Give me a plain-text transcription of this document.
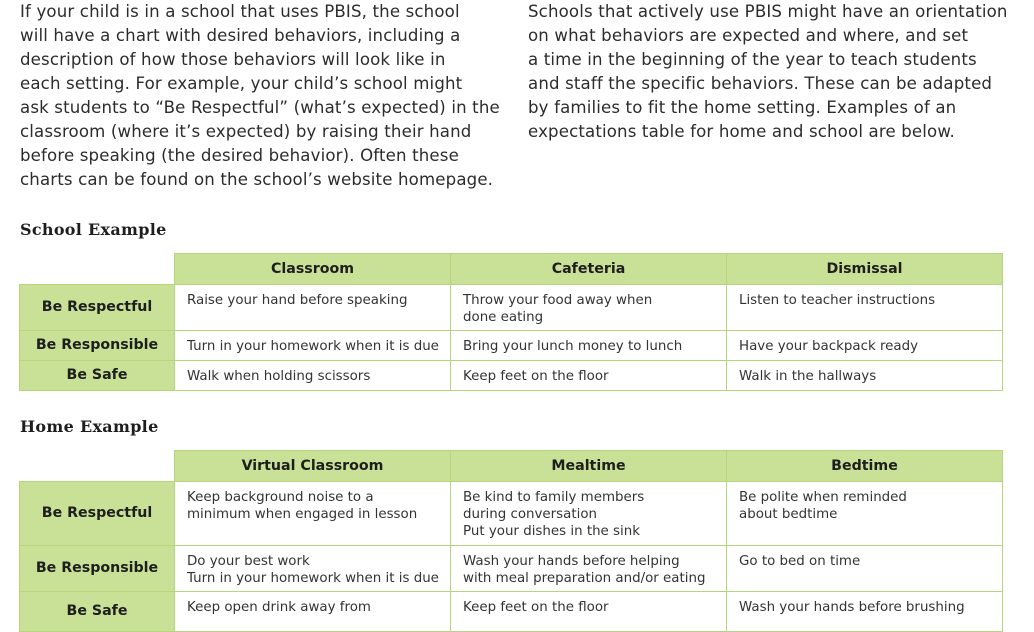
If your child is in a school that uses PBIS, the school
will have a chart with desired behaviors, including a
description of how those behaviors will look like in
each setting. For example, your child’s school might
ask students to “Be Respectful” (what’s expected) in the
classroom (where it’s expected) by raising their hand
before speaking (the desired behavior). Often these
charts can be found on the school’s website homepage.
Schools that actively use PBIS might have an orientation
on what behaviors are expected and where, and set
a time in the beginning of the year to teach students
and staff the specific behaviors. These can be adapted
by families to fit the home setting. Examples of an
expectations table for home and school are below.
School Example
	Classroom	Cafeteria	Dismissal
Be Respectful	Raise your hand before speaking	Throw your food away when
done eating	Listen to teacher instructions

Be Responsible	Turn in your homework when it is due	Bring your lunch money to lunch	Have your backpack ready

Be Safe	Walk when holding scissors	Keep feet on the floor	Walk in the hallways
Home Example
	Virtual Classroom	Mealtime	Bedtime
Be Respectful	Keep background noise to a
minimum when engaged in lesson	Be kind to family members
during conversation
Put your dishes in the sink	Be polite when reminded
about bedtime

Be Responsible	Do your best work
Turn in your homework when it is due	Wash your hands before helping
with meal preparation and/or eating	Go to bed on time

Be Safe	Keep open drink away from	Keep feet on the floor	Wash your hands before brushing
